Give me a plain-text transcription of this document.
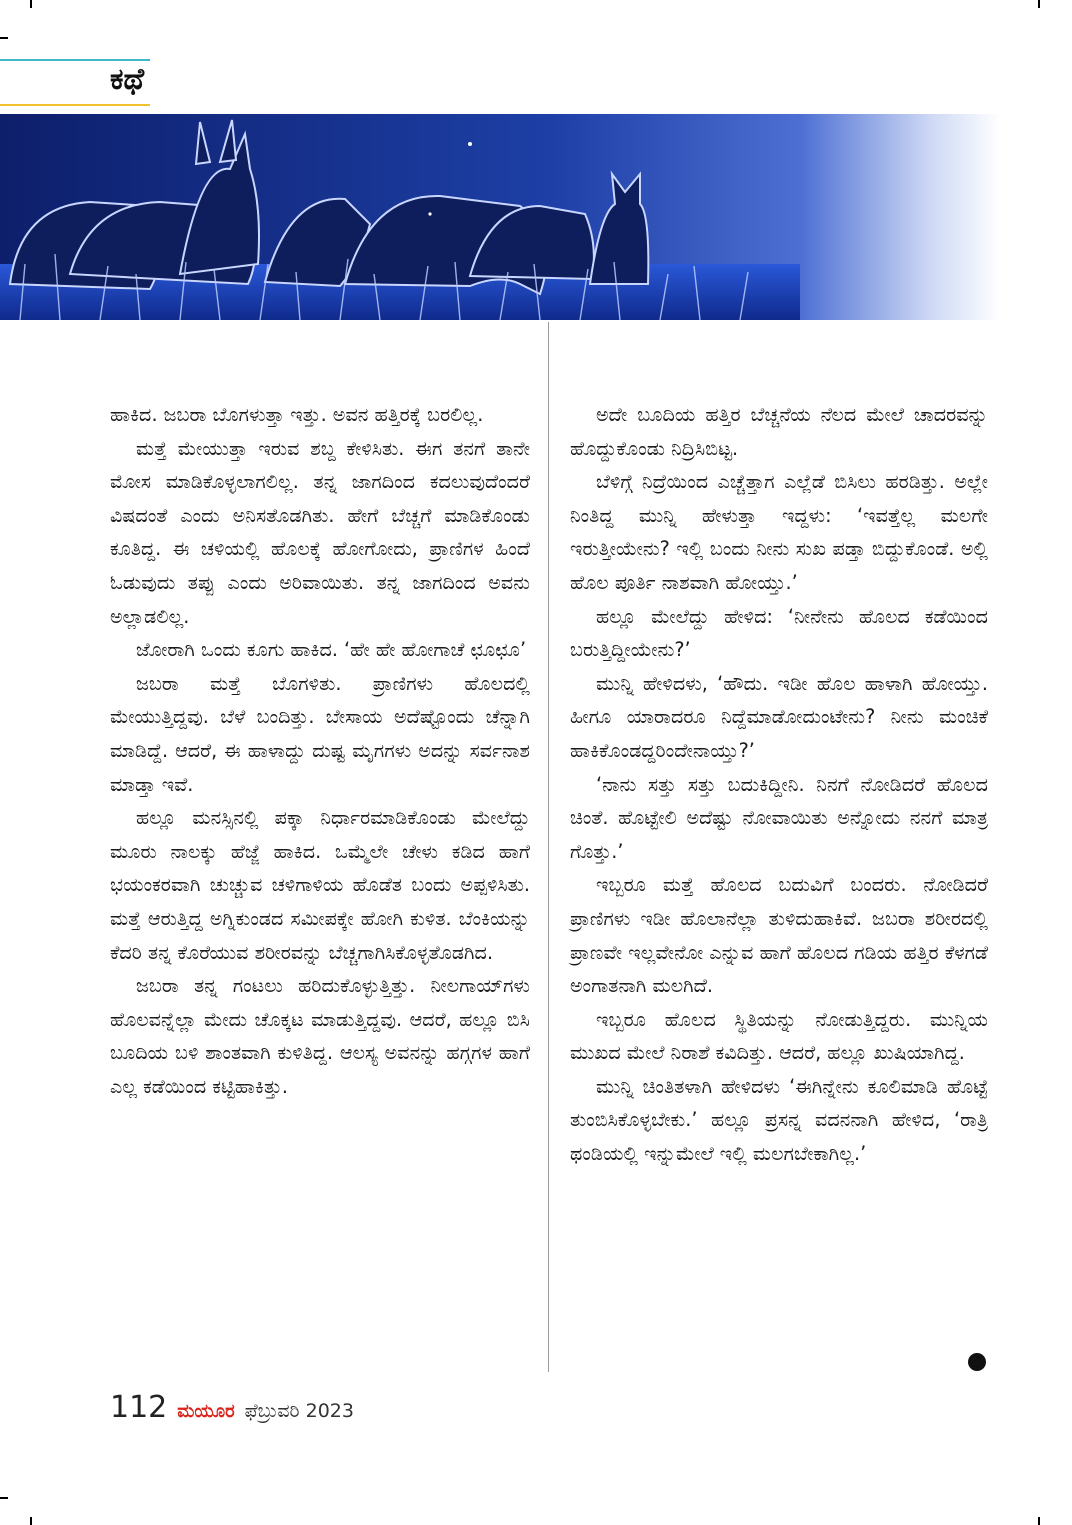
ಕಥೆ

ಹಾಕಿದ. ಜಬರಾ ಬೊಗಳುತ್ತಾ ಇತ್ತು. ಅವನ ಹತ್ತಿರಕ್ಕೆ ಬರಲಿಲ್ಲ.

ಮತ್ತೆ ಮೇಯುತ್ತಾ ಇರುವ ಶಬ್ದ ಕೇಳಿಸಿತು. ಈಗ ತನಗೆ ತಾನೇ ಮೋಸ ಮಾಡಿಕೊಳ್ಳಲಾಗಲಿಲ್ಲ. ತನ್ನ ಜಾಗದಿಂದ ಕದಲುವುದೆಂದರೆ ವಿಷದಂತೆ ಎಂದು ಅನಿಸತೊಡಗಿತು. ಹೇಗೆ ಬೆಚ್ಚಗೆ ಮಾಡಿಕೊಂಡು ಕೂತಿದ್ದ. ಈ ಚಳಿಯಲ್ಲಿ ಹೊಲಕ್ಕೆ ಹೋಗೋದು, ಪ್ರಾಣಿಗಳ ಹಿಂದೆ ಓಡುವುದು ತಪ್ಪು ಎಂದು ಅರಿವಾಯಿತು. ತನ್ನ ಜಾಗದಿಂದ ಅವನು ಅಲ್ಲಾಡಲಿಲ್ಲ.

ಜೋರಾಗಿ ಒಂದು ಕೂಗು ಹಾಕಿದ. ‘ಹೇ ಹೇ ಹೋಗಾಚೆ ಛೂಛೂ’

ಜಬರಾ ಮತ್ತೆ ಬೊಗಳಿತು. ಪ್ರಾಣಿಗಳು ಹೊಲದಲ್ಲಿ ಮೇಯುತ್ತಿದ್ದವು. ಬೆಳೆ ಬಂದಿತ್ತು. ಬೇಸಾಯ ಅದೆಷ್ಟೊಂದು ಚೆನ್ನಾಗಿ ಮಾಡಿದ್ದೆ. ಆದರೆ, ಈ ಹಾಳಾದ್ದು ದುಷ್ಟ ಮೃಗಗಳು ಅದನ್ನು ಸರ್ವನಾಶ ಮಾಡ್ತಾ ಇವೆ.

ಹಲ್ಲೂ ಮನಸ್ಸಿನಲ್ಲಿ ಪಕ್ಕಾ ನಿರ್ಧಾರಮಾಡಿಕೊಂಡು ಮೇಲೆದ್ದು ಮೂರು ನಾಲಕ್ಕು ಹೆಜ್ಜೆ ಹಾಕಿದ. ಒಮ್ಮೆಲೇ ಚೇಳು ಕಡಿದ ಹಾಗೆ ಭಯಂಕರವಾಗಿ ಚುಚ್ಚುವ ಚಳಿಗಾಳಿಯ ಹೊಡೆತ ಬಂದು ಅಪ್ಪಳಿಸಿತು. ಮತ್ತೆ ಆರುತ್ತಿದ್ದ ಅಗ್ನಿಕುಂಡದ ಸಮೀಪಕ್ಕೇ ಹೋಗಿ ಕುಳಿತ. ಬೆಂಕಿಯನ್ನು ಕೆದರಿ ತನ್ನ ಕೊರೆಯುವ ಶರೀರವನ್ನು ಬೆಚ್ಚಗಾಗಿಸಿಕೊಳ್ಳತೊಡಗಿದ.

ಜಬರಾ ತನ್ನ ಗಂಟಲು ಹರಿದುಕೊಳ್ಳುತ್ತಿತ್ತು. ನೀಲಗಾಯ್‌ಗಳು ಹೊಲವನ್ನೆಲ್ಲಾ ಮೇದು ಚೊಕ್ಕಟ ಮಾಡುತ್ತಿದ್ದವು. ಆದರೆ, ಹಲ್ಲೂ ಬಿಸಿ ಬೂದಿಯ ಬಳಿ ಶಾಂತವಾಗಿ ಕುಳಿತಿದ್ದ. ಆಲಸ್ಯ ಅವನನ್ನು ಹಗ್ಗಗಳ ಹಾಗೆ ಎಲ್ಲ ಕಡೆಯಿಂದ ಕಟ್ಟಿಹಾಕಿತ್ತು.

ಅದೇ ಬೂದಿಯ ಹತ್ತಿರ ಬೆಚ್ಚನೆಯ ನೆಲದ ಮೇಲೆ ಚಾದರವನ್ನು ಹೊದ್ದುಕೊಂಡು ನಿದ್ರಿಸಿಬಿಟ್ಟ.

ಬೆಳಿಗ್ಗೆ ನಿದ್ರೆಯಿಂದ ಎಚ್ಚೆತ್ತಾಗ ಎಲ್ಲೆಡೆ ಬಿಸಿಲು ಹರಡಿತ್ತು. ಅಲ್ಲೇ ನಿಂತಿದ್ದ ಮುನ್ನಿ ಹೇಳುತ್ತಾ ಇದ್ದಳು: ‘ಇವತ್ತೆಲ್ಲ ಮಲಗೇ ಇರುತ್ತೀಯೇನು? ಇಲ್ಲಿ ಬಂದು ನೀನು ಸುಖ ಪಡ್ತಾ ಬಿದ್ದುಕೊಂಡೆ. ಅಲ್ಲಿ ಹೊಲ ಪೂರ್ತಿ ನಾಶವಾಗಿ ಹೋಯ್ತು.’

ಹಲ್ಲೂ ಮೇಲೆದ್ದು ಹೇಳಿದ: ‘ನೀನೇನು ಹೊಲದ ಕಡೆಯಿಂದ ಬರುತ್ತಿದ್ದೀಯೇನು?’

ಮುನ್ನಿ ಹೇಳಿದಳು, ‘ಹೌದು. ಇಡೀ ಹೊಲ ಹಾಳಾಗಿ ಹೋಯ್ತು. ಹೀಗೂ ಯಾರಾದರೂ ನಿದ್ದೆಮಾಡೋದುಂಟೇನು? ನೀನು ಮಂಚಿಕೆ ಹಾಕಿಕೊಂಡದ್ದರಿಂದೇನಾಯ್ತು?’

‘ನಾನು ಸತ್ತು ಸತ್ತು ಬದುಕಿದ್ದೀನಿ. ನಿನಗೆ ನೋಡಿದರೆ ಹೊಲದ ಚಿಂತೆ. ಹೊಟ್ಟೇಲಿ ಅದೆಷ್ಟು ನೋವಾಯಿತು ಅನ್ನೋದು ನನಗೆ ಮಾತ್ರ ಗೊತ್ತು.’

ಇಬ್ಬರೂ ಮತ್ತೆ ಹೊಲದ ಬದುವಿಗೆ ಬಂದರು. ನೋಡಿದರೆ ಪ್ರಾಣಿಗಳು ಇಡೀ ಹೊಲಾನೆಲ್ಲಾ ತುಳಿದುಹಾಕಿವೆ. ಜಬರಾ ಶರೀರದಲ್ಲಿ ಪ್ರಾಣವೇ ಇಲ್ಲವೇನೋ ಎನ್ನುವ ಹಾಗೆ ಹೊಲದ ಗಡಿಯ ಹತ್ತಿರ ಕೆಳಗಡೆ ಅಂಗಾತನಾಗಿ ಮಲಗಿದೆ.

ಇಬ್ಬರೂ ಹೊಲದ ಸ್ಥಿತಿಯನ್ನು ನೋಡುತ್ತಿದ್ದರು. ಮುನ್ನಿಯ ಮುಖದ ಮೇಲೆ ನಿರಾಶೆ ಕವಿದಿತ್ತು. ಆದರೆ, ಹಲ್ಲೂ ಖುಷಿಯಾಗಿದ್ದ.

ಮುನ್ನಿ ಚಿಂತಿತಳಾಗಿ ಹೇಳಿದಳು ‘ಈಗಿನ್ನೇನು ಕೂಲಿಮಾಡಿ ಹೊಟ್ಟೆ ತುಂಬಿಸಿಕೊಳ್ಳಬೇಕು.’ ಹಲ್ಲೂ ಪ್ರಸನ್ನ ವದನನಾಗಿ ಹೇಳಿದ, ‘ರಾತ್ರಿ ಥಂಡಿಯಲ್ಲಿ ಇನ್ನುಮೇಲೆ ಇಲ್ಲಿ ಮಲಗಬೇಕಾಗಿಲ್ಲ.’

112 ಮಯೂರ ಫೆಬ್ರುವರಿ 2023
